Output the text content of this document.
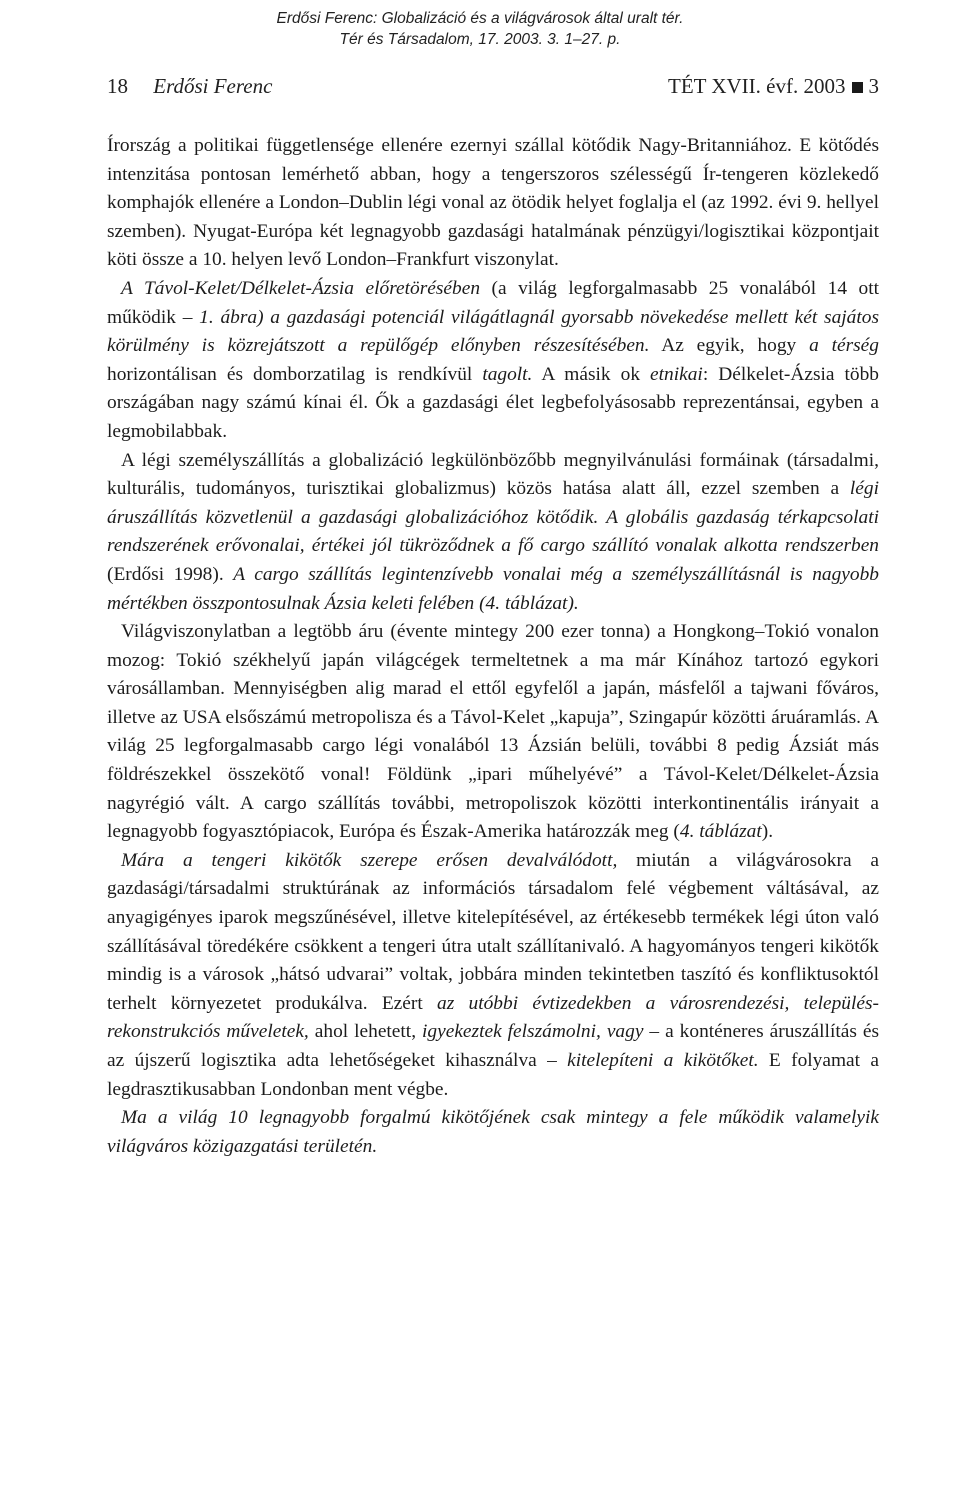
Erdősi Ferenc: Globalizáció és a világvárosok által uralt tér.
Tér és Társadalom, 17. 2003. 3. 1–27. p.
18 Erdősi Ferenc	TÉT XVII. évf. 2003 3

Írország a politikai függetlensége ellenére ezernyi szállal kötődik Nagy-Britanniához. E kötődés intenzitása pontosan lemérhető abban, hogy a tengerszoros szélességű Ír-tengeren közlekedő komphajók ellenére a London–Dublin légi vonal az ötödik helyet foglalja el (az 1992. évi 9. hellyel szemben). Nyugat-Európa két legnagyobb gazdasági hatalmának pénzügyi/logisztikai központjait köti össze a 10. helyen levő London–Frankfurt viszonylat.

A Távol-Kelet/Délkelet-Ázsia előretörésében (a világ legforgalmasabb 25 vonalából 14 ott működik – 1. ábra) a gazdasági potenciál világátlagnál gyorsabb növekedése mellett két sajátos körülmény is közrejátszott a repülőgép előnyben részesítésében. Az egyik, hogy a térség horizontálisan és domborzatilag is rendkívül tagolt. A másik ok etnikai: Délkelet-Ázsia több országában nagy számú kínai él. Ők a gazdasági élet legbefolyásosabb reprezentánsai, egyben a legmobilabbak.

A légi személyszállítás a globalizáció legkülönbözőbb megnyilvánulási formáinak (társadalmi, kulturális, tudományos, turisztikai globalizmus) közös hatása alatt áll, ezzel szemben a légi áruszállítás közvetlenül a gazdasági globalizációhoz kötődik. A globális gazdaság térkapcsolati rendszerének erővonalai, értékei jól tükröződnek a fő cargo szállító vonalak alkotta rendszerben (Erdősi 1998). A cargo szállítás legintenzívebb vonalai még a személyszállításnál is nagyobb mértékben összpontosulnak Ázsia keleti felében (4. táblázat).

Világviszonylatban a legtöbb áru (évente mintegy 200 ezer tonna) a Hongkong–Tokió vonalon mozog: Tokió székhelyű japán világcégek termeltetnek a ma már Kínához tartozó egykori városállamban. Mennyiségben alig marad el ettől egyfelől a japán, másfelől a tajwani főváros, illetve az USA elsőszámú metropolisza és a Távol-Kelet „kapuja”, Szingapúr közötti áruáramlás. A világ 25 legforgalmasabb cargo légi vonalából 13 Ázsián belüli, további 8 pedig Ázsiát más földrészekkel összekötő vonal! Földünk „ipari műhelyévé” a Távol-Kelet/Délkelet-Ázsia nagyrégió vált. A cargo szállítás további, metropoliszok közötti interkontinentális irányait a legnagyobb fogyasztópiacok, Európa és Észak-Amerika határozzák meg (4. táblázat).

Mára a tengeri kikötők szerepe erősen devalválódott, miután a világvárosokra a gazdasági/társadalmi struktúrának az információs társadalom felé végbement váltásával, az anyagigényes iparok megszűnésével, illetve kitelepítésével, az értékesebb termékek légi úton való szállításával töredékére csökkent a tengeri útra utalt szállítanivaló. A hagyományos tengeri kikötők mindig is a városok „hátsó udvarai” voltak, jobbára minden tekintetben taszító és konfliktusoktól terhelt környezetet produkálva. Ezért az utóbbi évtizedekben a városrendezési, település-rekonstrukciós műveletek, ahol lehetett, igyekeztek felszámolni, vagy – a konténeres áruszállítás és az újszerű logisztika adta lehetőségeket kihasználva – kitelepíteni a kikötőket. E folyamat a legdrasztikusabban Londonban ment végbe.

Ma a világ 10 legnagyobb forgalmú kikötőjének csak mintegy a fele működik valamelyik világváros közigazgatási területén.
